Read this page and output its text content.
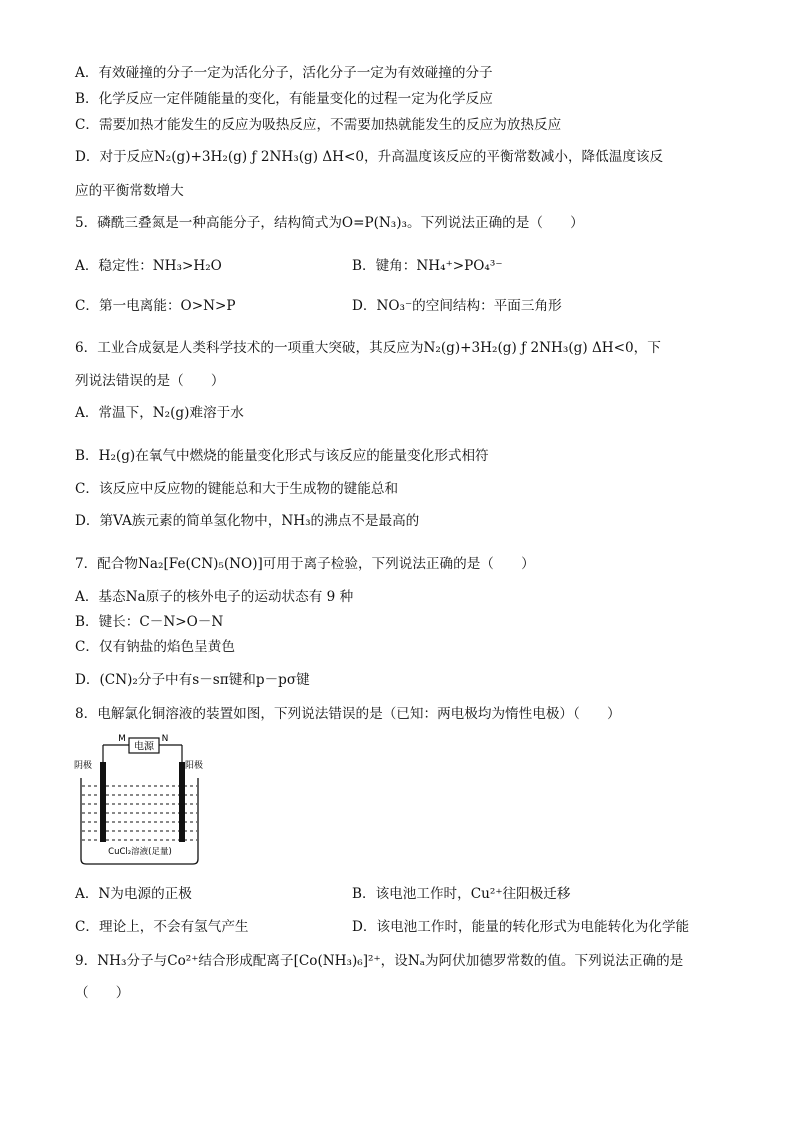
A．有效碰撞的分子一定为活化分子，活化分子一定为有效碰撞的分子
B．化学反应一定伴随能量的变化，有能量变化的过程一定为化学反应
C．需要加热才能发生的反应为吸热反应，不需要加热就能发生的反应为放热反应
D．对于反应N₂(g)+3H₂(g) ƒ 2NH₃(g) ΔH<0，升高温度该反应的平衡常数减小，降低温度该反
应的平衡常数增大
5．磷酰三叠氮是一种高能分子，结构简式为O=P(N₃)₃。下列说法正确的是（　　）
A．稳定性：NH₃>H₂O	B．键角：NH₄⁺>PO₄³⁻
C．第一电离能：O>N>P	D．NO₃⁻的空间结构：平面三角形
6．工业合成氨是人类科学技术的一项重大突破，其反应为N₂(g)+3H₂(g) ƒ 2NH₃(g) ΔH<0，下
列说法错误的是（　　）
A．常温下，N₂(g)难溶于水
B．H₂(g)在氧气中燃烧的能量变化形式与该反应的能量变化形式相符
C．该反应中反应物的键能总和大于生成物的键能总和
D．第VA族元素的简单氢化物中，NH₃的沸点不是最高的
7．配合物Na₂[Fe(CN)₅(NO)]可用于离子检验，下列说法正确的是（　　）
A．基态Na原子的核外电子的运动状态有 9 种
B．键长：C－N>O－N
C．仅有钠盐的焰色呈黄色
D．(CN)₂分子中有s－sπ键和p－pσ键
8．电解氯化铜溶液的装置如图，下列说法错误的是（已知：两电极均为惰性电极）（　　）
电源
M	N
阴极	阳极
CuCl₂溶液(足量)
A．N为电源的正极	B．该电池工作时，Cu²⁺往阳极迁移
C．理论上，不会有氢气产生	D．该电池工作时，能量的转化形式为电能转化为化学能
9．NH₃分子与Co²⁺结合形成配离子[Co(NH₃)₆]²⁺，设Nₐ为阿伏加德罗常数的值。下列说法正确的是
（　　）
